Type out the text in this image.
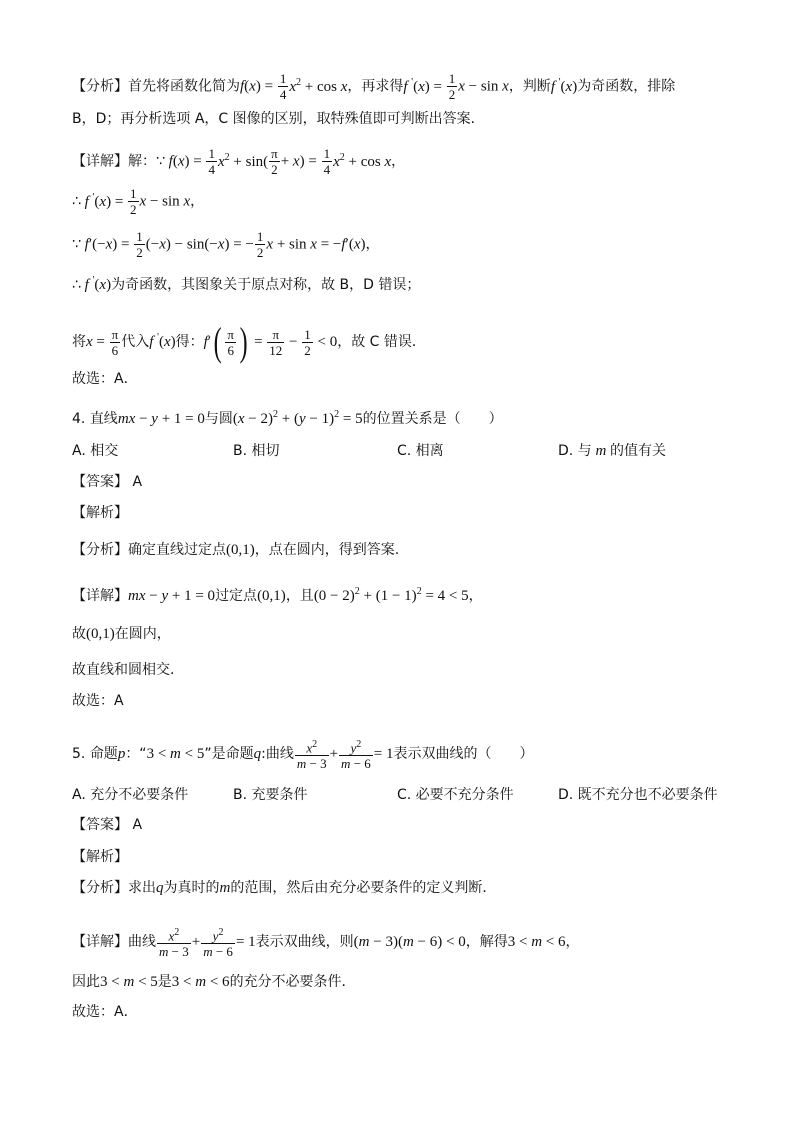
【分析】首先将函数化简为$f(x) = \frac{1}{4} x^2 + \cos x$，再求得f $'(x) = \frac{1}{2}$ x − sin x，判断f '(x)为奇函数，排除
B，D；再分析选项 A，C 图像的区别，取特殊值即可判断出答案．
【详解】解：∵ $f(x) = \frac{1}{4} x^2 + \sin( \frac{\pi}{2} + x) = \frac{1}{4} x^2 + \cos x$，
∴ f $'(x) = \frac{1}{2}$ x − sin x，
∵ $f'(-x) = \frac{1}{2} (-x) - \sin(-x)$ = − $\frac{1}{2}$ x + sin x = −f′(x)，
∴ f '(x)为奇函数，其图象关于原点对称，故 B，D 错误；
将$x = \frac{\pi}{6}$ 代入f '(x)得：$f'( \frac{\pi}{6}$ ) = $\frac{\pi}{12} - \frac{1}{2} < 0$，故 C 错误．
故选：A．
4. 直线mx − y + 1 = 0与圆$(x - 2)^2 + (y - 1)^2 = 5$的位置关系是（　　）
A. 相交	B. 相切	C. 相离	D. 与 m 的值有关
【答案】 A
【解析】
【分析】确定直线过定点(0,1)，点在圆内，得到答案.
【详解】mx − y + 1 = 0过定点(0,1)，且$(0 - 2)^2 + (1 - 1)^2 = 4 < 5$，
故(0,1)在圆内，
故直线和圆相交.
故选：A
5. 命题p：“3 < m < 5”是命题q:曲线 $\frac{x^2}{m - 3} + \frac{y^2}{m - 6} = 1$表示双曲线的（　　）
A. 充分不必要条件	B. 充要条件	C. 必要不充分条件	D. 既不充分也不必要条件
【答案】 A
【解析】
【分析】求出q为真时的m的范围，然后由充分必要条件的定义判断．
【详解】曲线 $\frac{x^2}{m - 3} + \frac{y^2}{m - 6} = 1$表示双曲线，则(m − 3)(m − 6) < 0，解得3 < m < 6，
因此3 < m < 5是3 < m < 6的充分不必要条件．
故选：A．
